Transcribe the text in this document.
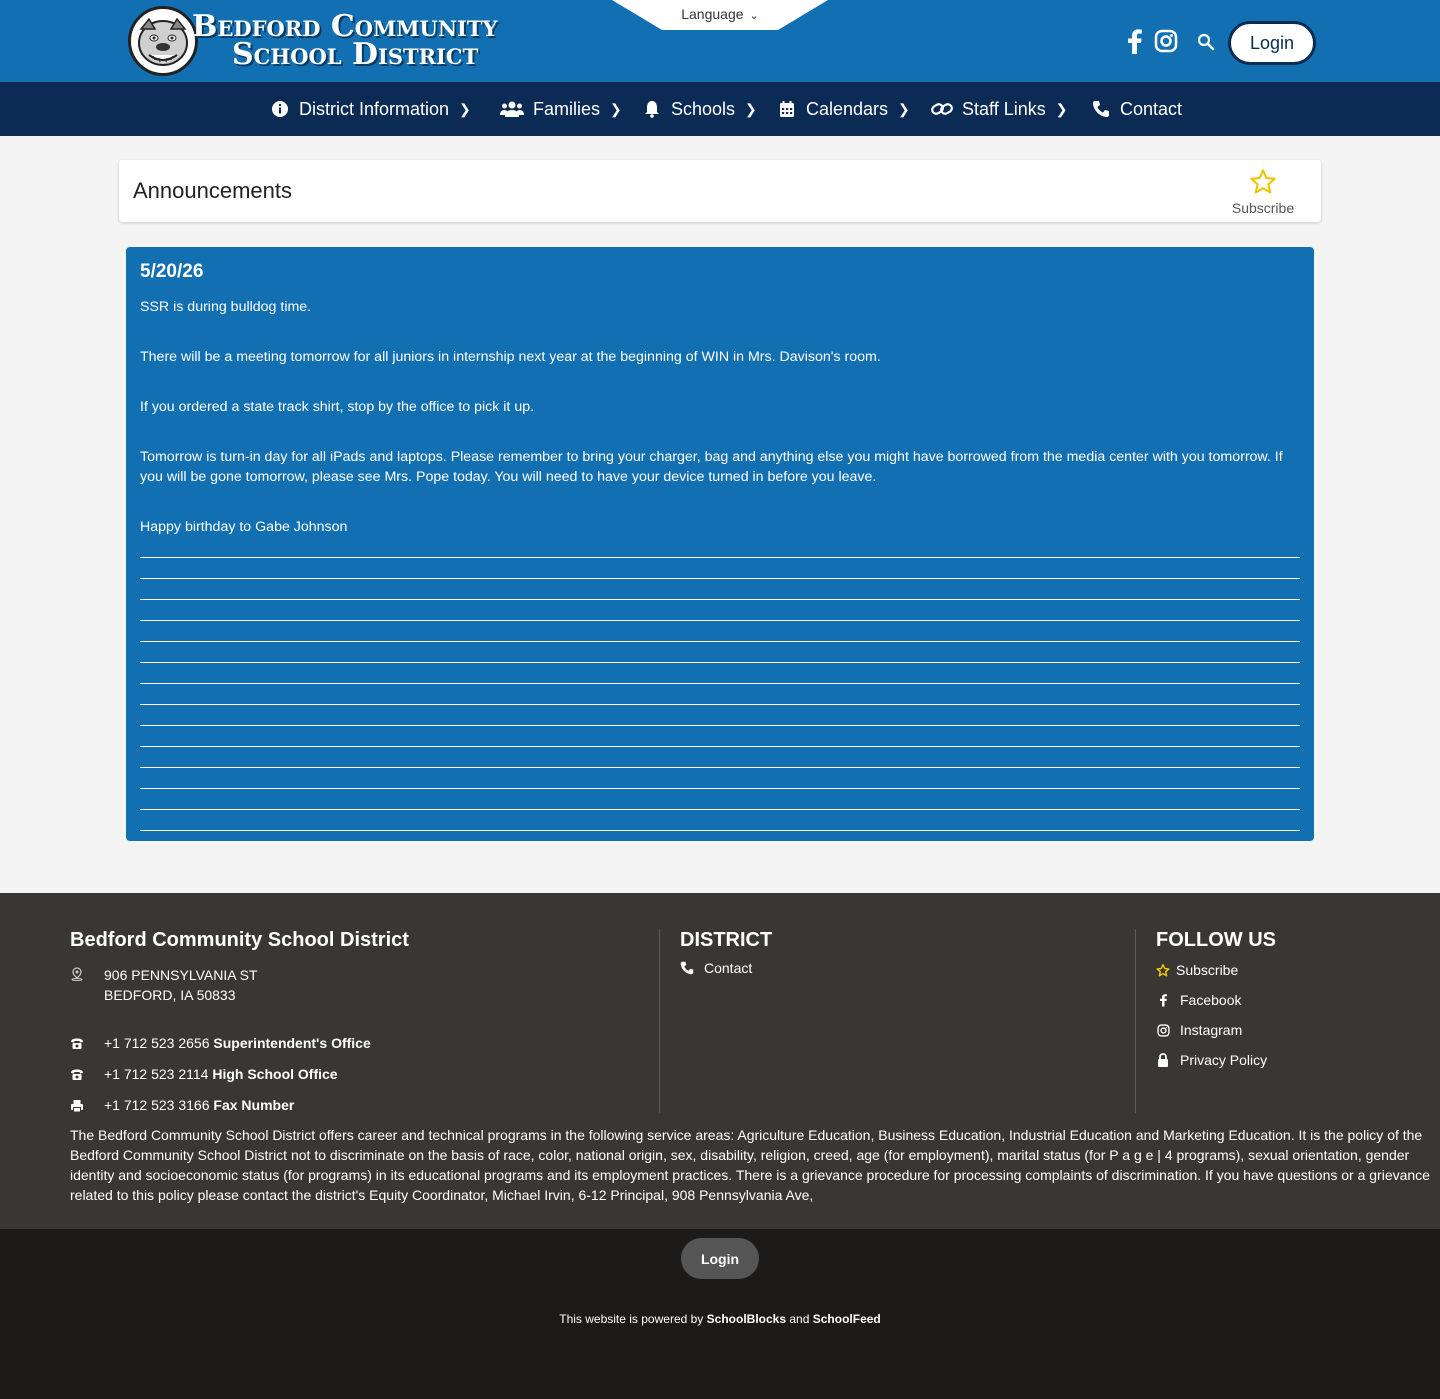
Bedford Community
School District
Language ⌄
Login
District Information ❯	Families ❯	Schools ❯	Calendars ❯	Staff Links ❯	Contact
Announcements
Subscribe
5/20/26
SSR is during bulldog time.
There will be a meeting tomorrow for all juniors in internship next year at the beginning of WIN in Mrs. Davison's room.
If you ordered a state track shirt, stop by the office to pick it up.
Tomorrow is turn-in day for all iPads and laptops. Please remember to bring your charger, bag and anything else you might have borrowed from the media center with you tomorrow. If you will be gone tomorrow, please see Mrs. Pope today. You will need to have your device turned in before you leave.
Happy birthday to Gabe Johnson
Bedford Community School District
906 PENNSYLVANIA ST
BEDFORD, IA 50833
+1 712 523 2656 Superintendent's Office
+1 712 523 2114 High School Office
+1 712 523 3166 Fax Number
DISTRICT
Contact
FOLLOW US
Subscribe
Facebook
Instagram
Privacy Policy
The Bedford Community School District offers career and technical programs in the following service areas: Agriculture Education, Business Education, Industrial Education and Marketing Education. It is the policy of the Bedford Community School District not to discriminate on the basis of race, color, national origin, sex, disability, religion, creed, age (for employment), marital status (for P a g e | 4 programs), sexual orientation, gender identity and socioeconomic status (for programs) in its educational programs and its employment practices. There is a grievance procedure for processing complaints of discrimination. If you have questions or a grievance related to this policy please contact the district's Equity Coordinator, Michael Irvin, 6-12 Principal, 908 Pennsylvania Ave,
Login
This website is powered by SchoolBlocks and SchoolFeed
